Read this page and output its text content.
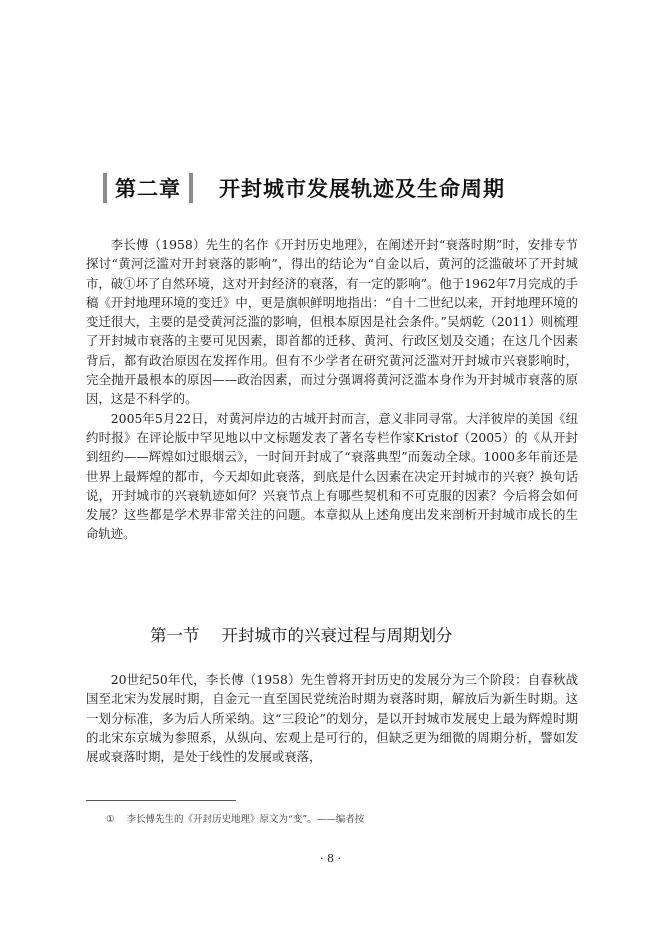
第二章 开封城市发展轨迹及生命周期

李长傅（1958）先生的名作《开封历史地理》，在阐述开封“衰落时期”时，安排专节探讨“黄河泛滥对开封衰落的影响”，得出的结论为“自金以后，黄河的泛滥破坏了开封城市，破①坏了自然环境，这对开封经济的衰落，有一定的影响”。他于1962年7月完成的手稿《开封地理环境的变迁》中，更是旗帜鲜明地指出：“自十二世纪以来，开封地理环境的变迁很大，主要的是受黄河泛滥的影响，但根本原因是社会条件。”吴炳乾（2011）则梳理了开封城市衰落的主要可见因素，即首都的迁移、黄河、行政区划及交通；在这几个因素背后，都有政治原因在发挥作用。但有不少学者在研究黄河泛滥对开封城市兴衰影响时，完全抛开最根本的原因——政治因素，而过分强调将黄河泛滥本身作为开封城市衰落的原因，这是不科学的。

2005年5月22日，对黄河岸边的古城开封而言，意义非同寻常。大洋彼岸的美国《纽约时报》在评论版中罕见地以中文标题发表了著名专栏作家Kristof（2005）的《从开封到纽约——辉煌如过眼烟云》，一时间开封成了“衰落典型”而轰动全球。1000多年前还是世界上最辉煌的都市，今天却如此衰落，到底是什么因素在决定开封城市的兴衰？换句话说，开封城市的兴衰轨迹如何？兴衰节点上有哪些契机和不可克服的因素？今后将会如何发展？这些都是学术界非常关注的问题。本章拟从上述角度出发来剖析开封城市成长的生命轨迹。

第一节 开封城市的兴衰过程与周期划分

20世纪50年代，李长傅（1958）先生曾将开封历史的发展分为三个阶段：自春秋战国至北宋为发展时期，自金元一直至国民党统治时期为衰落时期，解放后为新生时期。这一划分标准，多为后人所采纳。这“三段论”的划分，是以开封城市发展史上最为辉煌时期的北宋东京城为参照系，从纵向、宏观上是可行的，但缺乏更为细微的周期分析，譬如发展或衰落时期，是处于线性的发展或衰落，

① 李长傅先生的《开封历史地理》原文为“变”。——编者按
· 8 ·
